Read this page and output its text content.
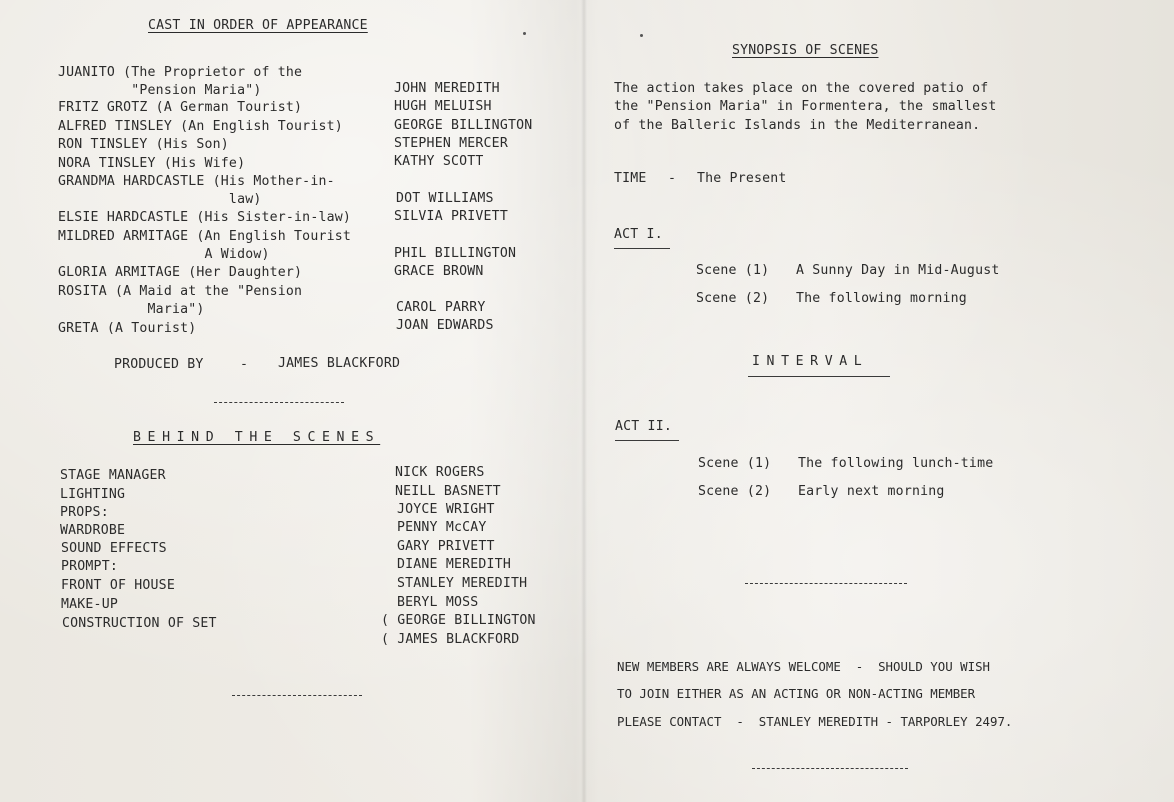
CAST IN ORDER OF APPEARANCE
JUANITO (The Proprietor of the
"Pension Maria")	JOHN MEREDITH
FRITZ GROTZ (A German Tourist)	HUGH MELUISH
ALFRED TINSLEY (An English Tourist)	GEORGE BILLINGTON
RON TINSLEY (His Son)	STEPHEN MERCER
NORA TINSLEY (His Wife)	KATHY SCOTT
GRANDMA HARDCASTLE (His Mother-in-
law)	DOT WILLIAMS
ELSIE HARDCASTLE (His Sister-in-law)	SILVIA PRIVETT
MILDRED ARMITAGE (An English Tourist
A Widow)	PHIL BILLINGTON
GLORIA ARMITAGE (Her Daughter)	GRACE BROWN
ROSITA (A Maid at the "Pension
Maria")	CAROL PARRY
GRETA (A Tourist)	JOAN EDWARDS
PRODUCED BY	- JAMES BLACKFORD
BEHIND THE SCENES
STAGE MANAGER	NICK ROGERS
LIGHTING	NEILL BASNETT
PROPS:	JOYCE WRIGHT
WARDROBE	PENNY McCAY
SOUND EFFECTS	GARY PRIVETT
PROMPT:	DIANE MEREDITH
FRONT OF HOUSE	STANLEY MEREDITH
MAKE-UP	BERYL MOSS
CONSTRUCTION OF SET	( GEORGE BILLINGTON
( JAMES BLACKFORD
SYNOPSIS OF SCENES
The action takes place on the covered patio of
the "Pension Maria" in Formentera, the smallest
of the Balleric Islands in the Mediterranean.
TIME - The Present
ACT I.
Scene (1) A Sunny Day in Mid-August
Scene (2) The following morning
INTERVAL
ACT II.
Scene (1) The following lunch-time
Scene (2) Early next morning
NEW MEMBERS ARE ALWAYS WELCOME  -  SHOULD YOU WISH
TO JOIN EITHER AS AN ACTING OR NON-ACTING MEMBER
PLEASE CONTACT  -  STANLEY MEREDITH - TARPORLEY 2497.
